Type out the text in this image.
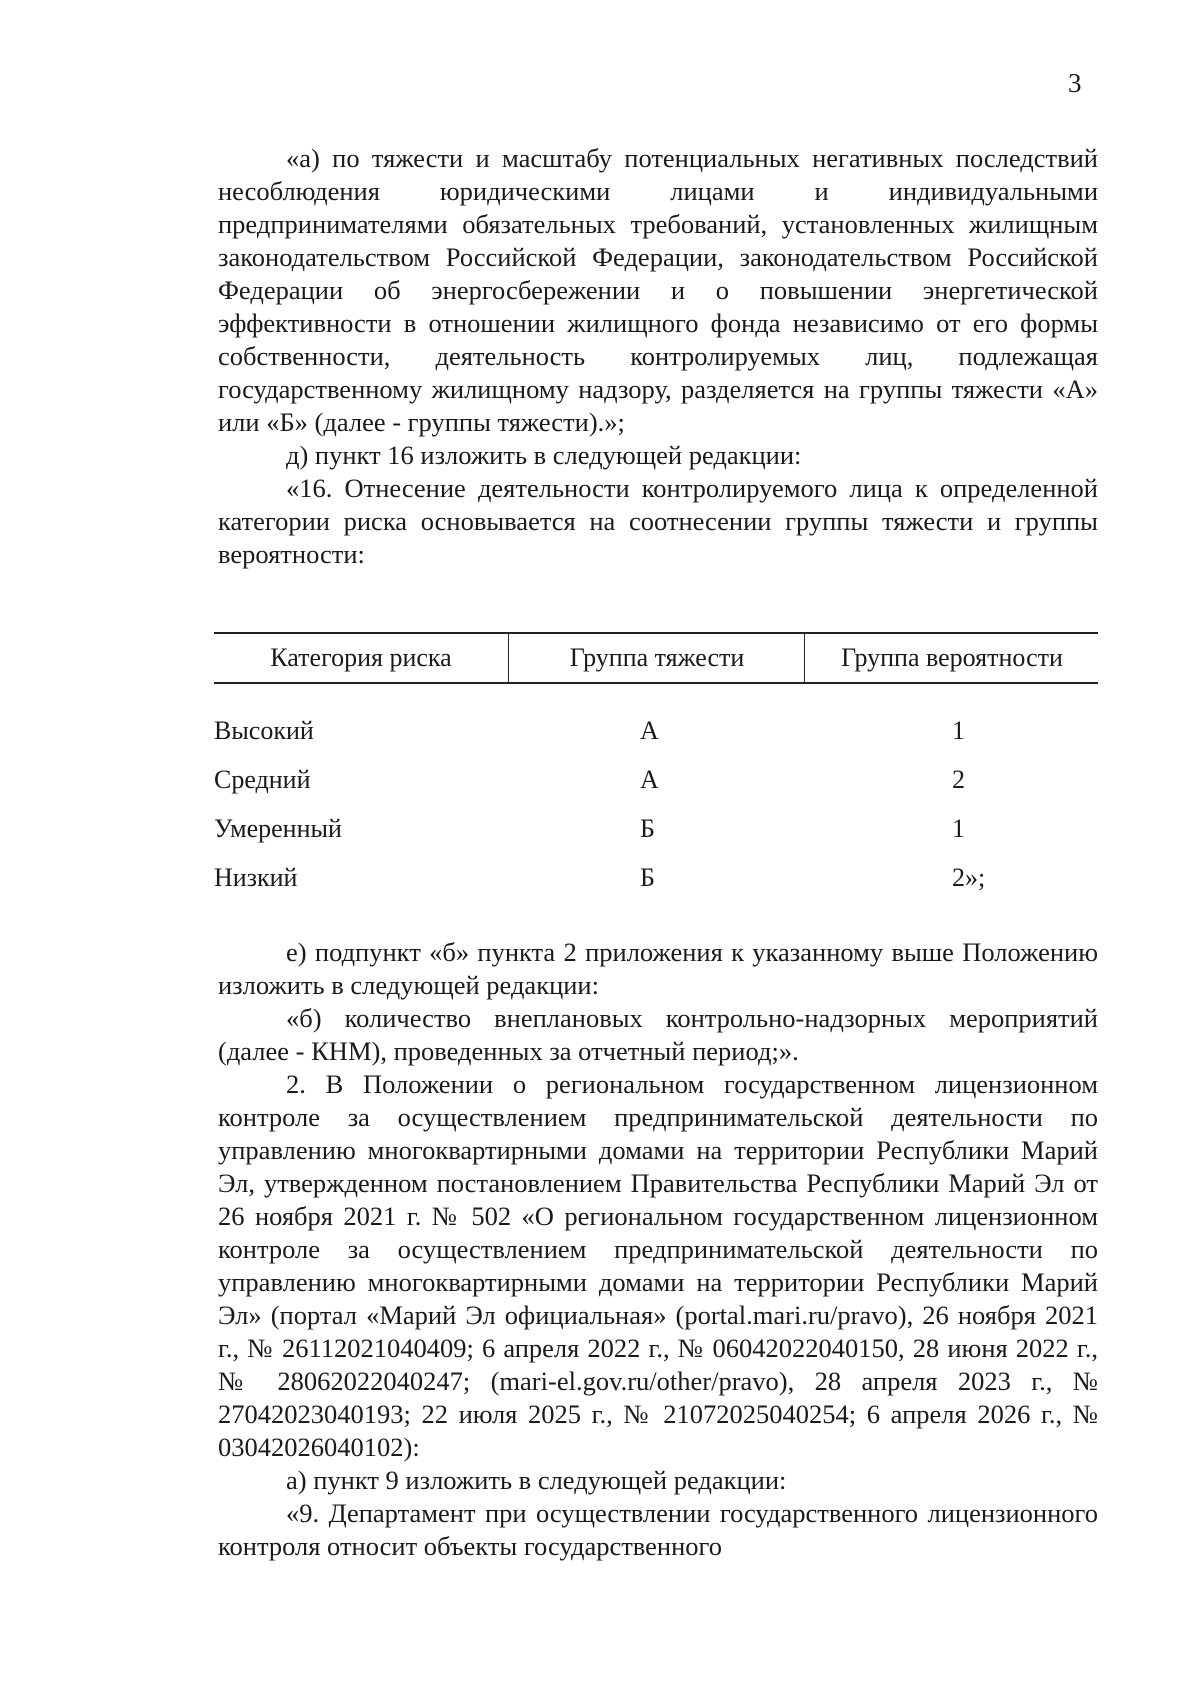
3

«а) по тяжести и масштабу потенциальных негативных последствий несоблюдения юридическими лицами и индивидуальными предпринимателями обязательных требований, установленных жилищным законодательством Российской Федерации, законодательством Российской Федерации об энергосбережении и о повышении энергетической эффективности в отношении жилищного фонда независимо от его формы собственности, деятельность контролируемых лиц, подлежащая государственному жилищному надзору, разделяется на группы тяжести «А» или «Б» (далее - группы тяжести).»;

д) пункт 16 изложить в следующей редакции:

«16. Отнесение деятельности контролируемого лица к определенной категории риска основывается на соотнесении группы тяжести и группы вероятности:

Категория риска	Группа тяжести	Группа вероятности
Высокий	А	1
Средний	А	2
Умеренный	Б	1
Низкий	Б	2»;

е) подпункт «б» пункта 2 приложения к указанному выше Положению изложить в следующей редакции:

«б) количество внеплановых контрольно-надзорных мероприятий (далее - КНМ), проведенных за отчетный период;».

2. В Положении о региональном государственном лицензионном контроле за осуществлением предпринимательской деятельности по управлению многоквартирными домами на территории Республики Марий Эл, утвержденном постановлением Правительства Республики Марий Эл от 26 ноября 2021 г. № 502 «О региональном государственном лицензионном контроле за осуществлением предпринимательской деятельности по управлению многоквартирными домами на территории Республики Марий Эл» (портал «Марий Эл официальная» (portal.mari.ru/pravo), 26 ноября 2021 г., № 26112021040409; 6 апреля 2022 г., № 06042022040150, 28 июня 2022 г., № 28062022040247; (mari-el.gov.ru/other/pravo), 28 апреля 2023 г., № 27042023040193; 22 июля 2025 г., № 21072025040254; 6 апреля 2026 г., № 03042026040102):

а) пункт 9 изложить в следующей редакции:

«9. Департамент при осуществлении государственного лицензионного контроля относит объекты государственного
